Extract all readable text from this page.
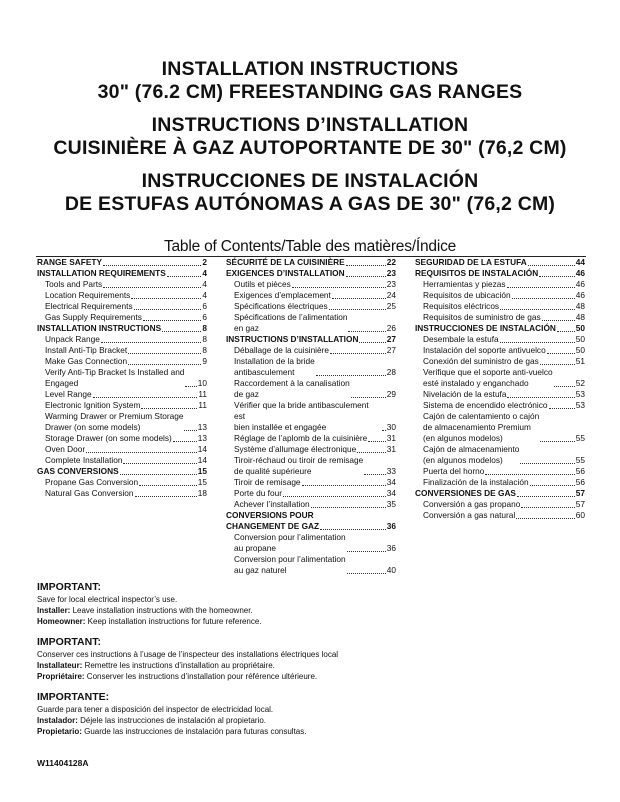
INSTALLATION INSTRUCTIONS
30" (76.2 CM) FREESTANDING GAS RANGES
INSTRUCTIONS D’INSTALLATION
CUISINIÈRE À GAZ AUTOPORTANTE DE 30" (76,2 CM)
INSTRUCCIONES DE INSTALACIÓN
DE ESTUFAS AUTÓNOMAS A GAS DE 30" (76,2 CM)
Table of Contents/Table des matières/Índice
RANGE SAFETY	2
INSTALLATION REQUIREMENTS	4
Tools and Parts	4
Location Requirements	4
Electrical Requirements	6
Gas Supply Requirements	6
INSTALLATION INSTRUCTIONS	8
Unpack Range	8
Install Anti-Tip Bracket	8
Make Gas Connection	9
Verify Anti-Tip Bracket Is Installed and
Engaged	10
Level Range	11
Electronic Ignition System	11
Warming Drawer or Premium Storage
Drawer (on some models)	13
Storage Drawer (on some models)	13
Oven Door	14
Complete Installation	14
GAS CONVERSIONS	15
Propane Gas Conversion	15
Natural Gas Conversion	18
SÉCURITÉ DE LA CUISINIÈRE	22
EXIGENCES D’INSTALLATION	23
Outils et pièces	23
Exigences d’emplacement	24
Spécifications électriques	25
Spécifications de l’alimentation
en gaz	26
INSTRUCTIONS D’INSTALLATION	27
Déballage de la cuisinière	27
Installation de la bride
antibasculement	28
Raccordement à la canalisation
de gaz	29
Vérifier que la bride antibasculement est
bien installée et engagée	30
Réglage de l’aplomb de la cuisinière 31
Système d’allumage électronique	31
Tiroir-réchaud ou tiroir de remisage
de qualité supérieure	33
Tiroir de remisage	34
Porte du four	34
Achever l’installation	35
CONVERSIONS POUR
CHANGEMENT DE GAZ	36
Conversion pour l’alimentation
au propane	36
Conversion pour l’alimentation
au gaz naturel	40
SEGURIDAD DE LA ESTUFA	44
REQUISITOS DE INSTALACIÓN	46
Herramientas y piezas	46
Requisitos de ubicación	46
Requisitos eléctricos	48
Requisitos de suministro de gas	48
INSTRUCCIONES DE INSTALACIÓN 50
Desembale la estufa	50
Instalación del soporte antivuelco	50
Conexión del suministro de gas	51
Verifique que el soporte anti-vuelco
esté instalado y enganchado	52
Nivelación de la estufa	53
Sistema de encendido electrónico	53
Cajón de calentamiento o cajón
de almacenamiento Premium
(en algunos modelos)	55
Cajón de almacenamiento
(en algunos modelos)	55
Puerta del horno	56
Finalización de la instalación	56
CONVERSIONES DE GAS	57
Conversión a gas propano	57
Conversión a gas natural	60
IMPORTANT:
Save for local electrical inspector’s use.
Installer: Leave installation instructions with the homeowner.
Homeowner: Keep installation instructions for future reference.
IMPORTANT:
Conserver ces instructions à l’usage de l’inspecteur des installations électriques local
Installateur: Remettre les instructions d’installation au propriétaire.
Propriétaire: Conserver les instructions d’installation pour référence ultérieure.
IMPORTANTE:
Guarde para tener a disposición del inspector de electricidad local.
Instalador: Déjele las instrucciones de instalación al propietario.
Propietario: Guarde las instrucciones de instalación para futuras consultas.
W11404128A
